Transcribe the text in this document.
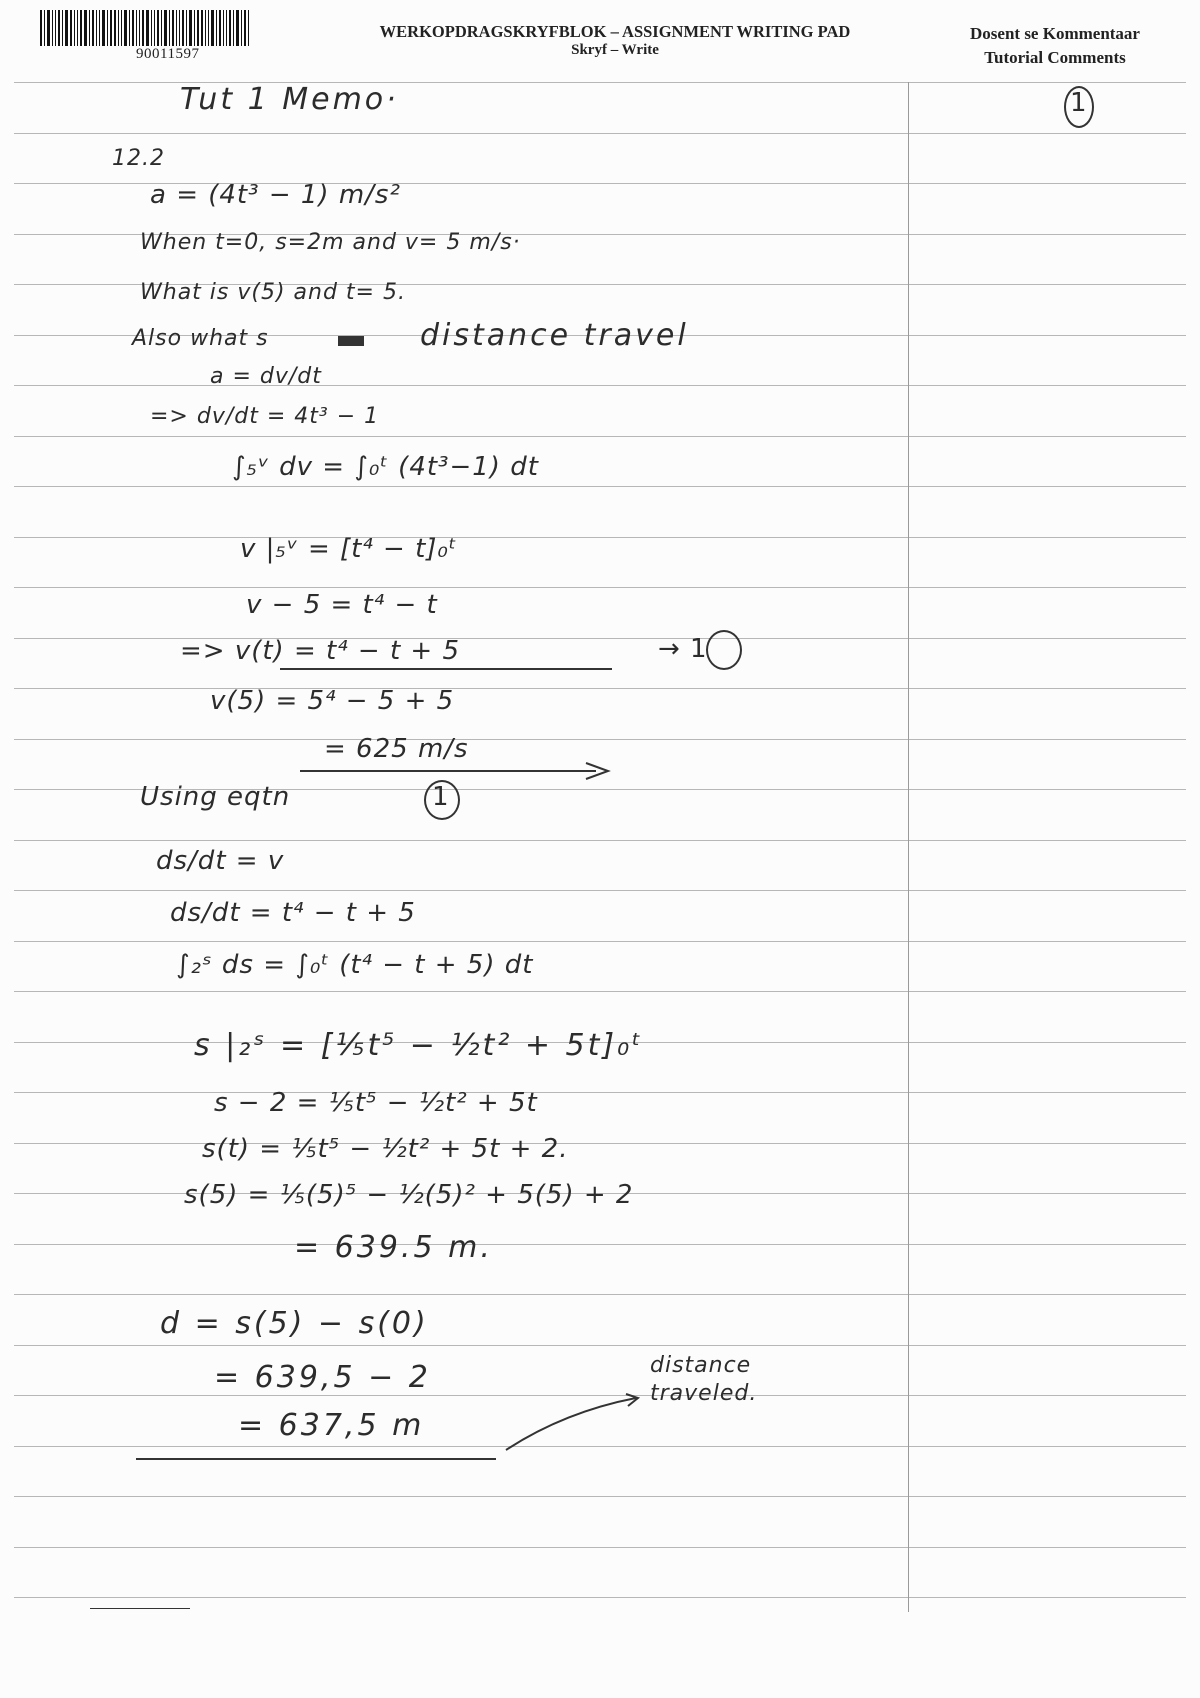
90011597
WERKOPDRAGSKRYFBLOK – ASSIGNMENT WRITING PAD
Skryf – Write
Dosent se Kommentaar
Tutorial Comments
1
Tut 1 Memo·
12.2
a = (4t³ − 1) m/s²
When t=0, s=2m and v= 5 m/s·
What is v(5) and t= 5.
Also what s	distance travel
a = dv/dt
=> dv/dt = 4t³ − 1
∫₅ᵛ dv = ∫₀ᵗ (4t³−1) dt
v |₅ᵛ = [t⁴ − t]₀ᵗ
v − 5 = t⁴ − t
=> v(t) = t⁴ − t + 5	→ 1
v(5) = 5⁴ − 5 + 5
= 625 m/s
Using eqtn	1
ds/dt = v
ds/dt = t⁴ − t + 5
∫₂ˢ ds = ∫₀ᵗ (t⁴ − t + 5) dt
s |₂ˢ = [⅕t⁵ − ½t² + 5t]₀ᵗ
s − 2 = ⅕t⁵ − ½t² + 5t
s(t) = ⅕t⁵ − ½t² + 5t + 2.
s(5) = ⅕(5)⁵ − ½(5)² + 5(5) + 2
= 639.5 m.
d = s(5) − s(0)
= 639,5 − 2
= 637,5 m
distance traveled.
